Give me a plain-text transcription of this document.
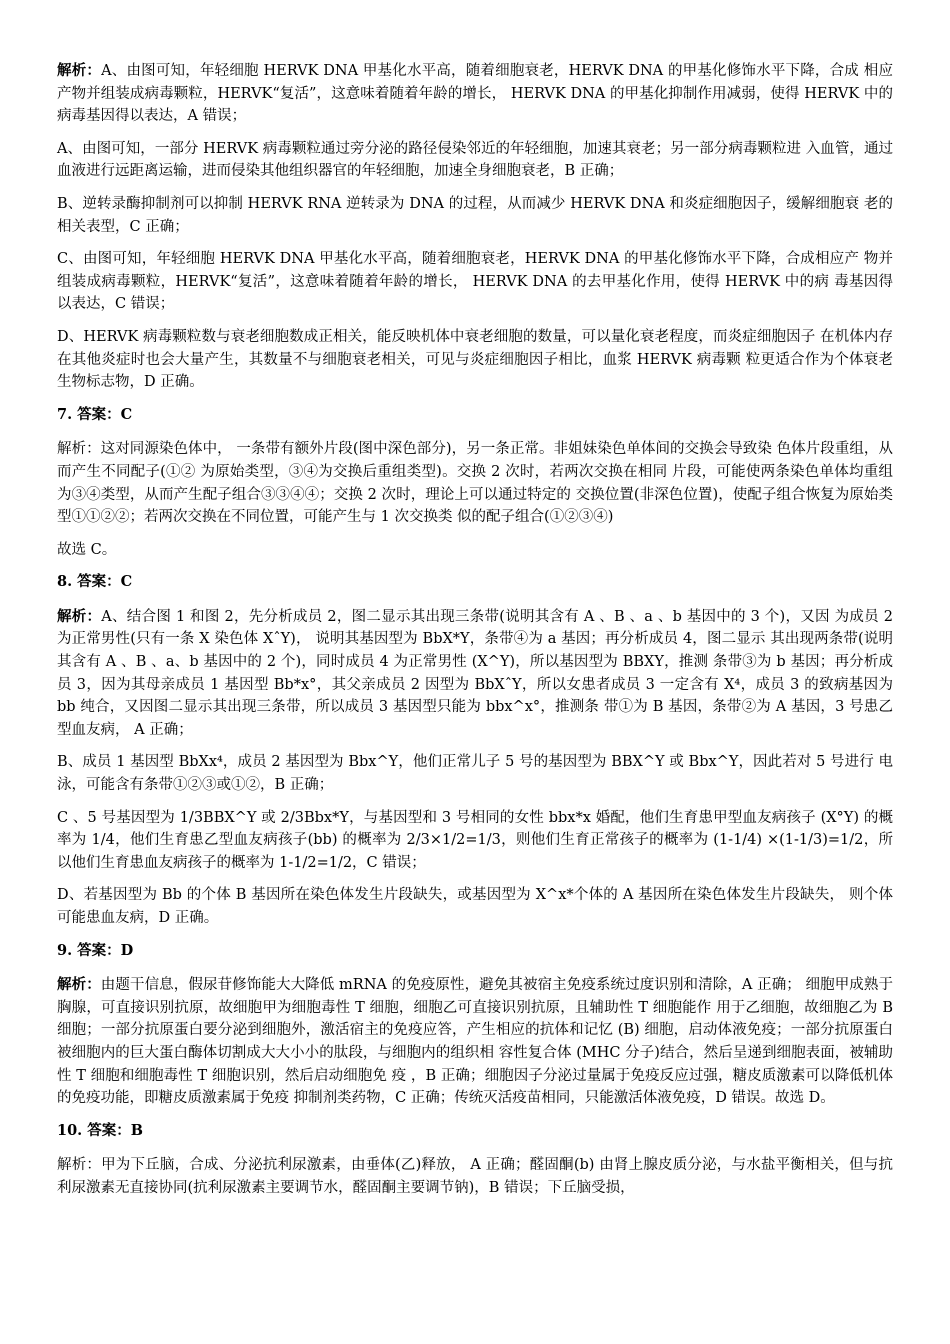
解析：A、由图可知，年轻细胞 HERVK DNA 甲基化水平高，随着细胞衰老，HERVK DNA 的甲基化修饰水平下降，合成 相应产物并组装成病毒颗粒，HERVK“复活”，这意味着随着年龄的增长， HERVK DNA 的甲基化抑制作用减弱，使得 HERVK 中的病毒基因得以表达，A 错误；

A、由图可知，一部分 HERVK 病毒颗粒通过旁分泌的路径侵染邻近的年轻细胞，加速其衰老；另一部分病毒颗粒进 入血管，通过血液进行远距离运输，进而侵染其他组织器官的年轻细胞，加速全身细胞衰老，B 正确；

B、逆转录酶抑制剂可以抑制 HERVK RNA 逆转录为 DNA 的过程，从而减少 HERVK DNA 和炎症细胞因子，缓解细胞衰 老的相关表型，C 正确；

C、由图可知，年轻细胞 HERVK DNA 甲基化水平高，随着细胞衰老，HERVK DNA 的甲基化修饰水平下降，合成相应产 物并组装成病毒颗粒，HERVK“复活”，这意味着随着年龄的增长， HERVK DNA 的去甲基化作用，使得 HERVK 中的病 毒基因得以表达，C 错误；

D、HERVK 病毒颗粒数与衰老细胞数成正相关，能反映机体中衰老细胞的数量，可以量化衰老程度，而炎症细胞因子 在机体内存在其他炎症时也会大量产生，其数量不与细胞衰老相关，可见与炎症细胞因子相比，血浆 HERVK 病毒颗 粒更适合作为个体衰老生物标志物，D 正确。

7. 答案：C

解析：这对同源染色体中， 一条带有额外片段(图中深色部分)，另一条正常。非姐妹染色单体间的交换会导致染 色体片段重组，从而产生不同配子(①② 为原始类型，③④为交换后重组类型)。交换 2 次时，若两次交换在相同 片段，可能使两条染色单体均重组为③④类型，从而产生配子组合③③④④；交换 2 次时，理论上可以通过特定的 交换位置(非深色位置)，使配子组合恢复为原始类型①①②②；若两次交换在不同位置，可能产生与 1 次交换类 似的配子组合(①②③④)

故选 C。

8. 答案：C

解析：A、结合图 1 和图 2，先分析成员 2，图二显示其出现三条带(说明其含有 A 、B 、a 、b 基因中的 3 个)，又因 为成员 2 为正常男性(只有一条 X 染色体 XˆY)， 说明其基因型为 BbX*Y，条带④为 a 基因；再分析成员 4，图二显示 其出现两条带(说明其含有 A 、B 、a、b 基因中的 2 个)，同时成员 4 为正常男性 (X^Y)，所以基因型为 BBXY，推测 条带③为 b 基因；再分析成员 3，因为其母亲成员 1 基因型 Bb*x°，其父亲成员 2 因型为 BbXˆY，所以女患者成员 3 一定含有 X⁴，成员 3 的致病基因为 bb 纯合，又因图二显示其出现三条带，所以成员 3 基因型只能为 bbx^x°，推测条 带①为 B 基因，条带②为 A 基因，3 号患乙型血友病， A 正确；

B、成员 1 基因型 BbXx⁴，成员 2 基因型为 Bbx^Y，他们正常儿子 5 号的基因型为 BBX^Y 或 Bbx^Y，因此若对 5 号进行 电泳，可能含有条带①②③或①②，B 正确；

C 、5 号基因型为 1/3BBX^Y 或 2/3Bbx*Y，与基因型和 3 号相同的女性 bbx*x 婚配，他们生育患甲型血友病孩子 (X°Y) 的概率为 1/4，他们生育患乙型血友病孩子(bb) 的概率为 2/3×1/2=1/3，则他们生育正常孩子的概率为 (1-1/4) ×(1-1/3)=1/2，所以他们生育患血友病孩子的概率为 1-1/2=1/2，C 错误；

D、若基因型为 Bb 的个体 B 基因所在染色体发生片段缺失，或基因型为 X^x*个体的 A 基因所在染色体发生片段缺失， 则个体可能患血友病，D 正确。

9. 答案：D

解析：由题干信息，假尿苷修饰能大大降低 mRNA 的免疫原性，避免其被宿主免疫系统过度识别和清除，A 正确； 细胞甲成熟于胸腺，可直接识别抗原，故细胞甲为细胞毒性 T 细胞，细胞乙可直接识别抗原，且辅助性 T 细胞能作 用于乙细胞，故细胞乙为 B 细胞；一部分抗原蛋白要分泌到细胞外，激活宿主的免疫应答，产生相应的抗体和记忆 (B) 细胞，启动体液免疫；一部分抗原蛋白被细胞内的巨大蛋白酶体切割成大大小小的肽段，与细胞内的组织相 容性复合体 (MHC 分子)结合，然后呈递到细胞表面，被辅助性 T 细胞和细胞毒性 T 细胞识别，然后启动细胞免 疫 ，B 正确；细胞因子分泌过量属于免疫反应过强，糖皮质激素可以降低机体的免疫功能，即糖皮质激素属于免疫 抑制剂类药物，C 正确；传统灭活疫苗相同，只能激活体液免疫，D 错误。故选 D。

10. 答案：B

解析：甲为下丘脑，合成、分泌抗利尿激素，由垂体(乙)释放， A 正确；醛固酮(b) 由肾上腺皮质分泌，与水盐平衡相关，但与抗利尿激素无直接协同(抗利尿激素主要调节水，醛固酮主要调节钠)，B 错误；下丘脑受损，
